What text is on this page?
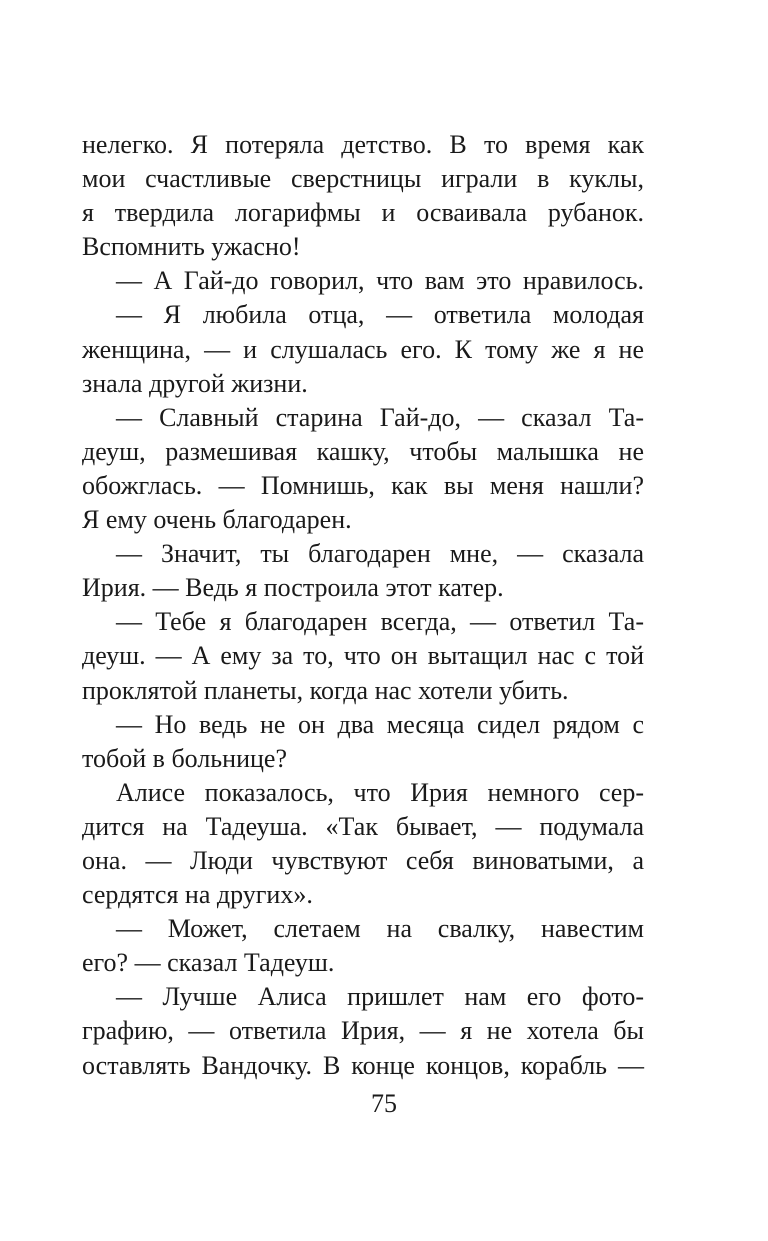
нелегко. Я потеряла детство. В то время как
мои счастливые сверстницы играли в куклы,
я твердила логарифмы и осваивала рубанок.
Вспомнить ужасно!
— А Гай-до говорил, что вам это нравилось.
— Я любила отца, — ответила молодая
женщина, — и слушалась его. К тому же я не
знала другой жизни.
— Славный старина Гай-до, — сказал Та-
деуш, размешивая кашку, чтобы малышка не
обожглась. — Помнишь, как вы меня нашли?
Я ему очень благодарен.
— Значит, ты благодарен мне, — сказала
Ирия. — Ведь я построила этот катер.
— Тебе я благодарен всегда, — ответил Та-
деуш. — А ему за то, что он вытащил нас с той
проклятой планеты, когда нас хотели убить.
— Но ведь не он два месяца сидел рядом с
тобой в больнице?
Алисе показалось, что Ирия немного сер-
дится на Тадеуша. «Так бывает, — подумала
она. — Люди чувствуют себя виноватыми, а
сердятся на других».
— Может, слетаем на свалку, навестим
его? — сказал Тадеуш.
— Лучше Алиса пришлет нам его фото-
графию, — ответила Ирия, — я не хотела бы
оставлять Вандочку. В конце концов, корабль —
75
